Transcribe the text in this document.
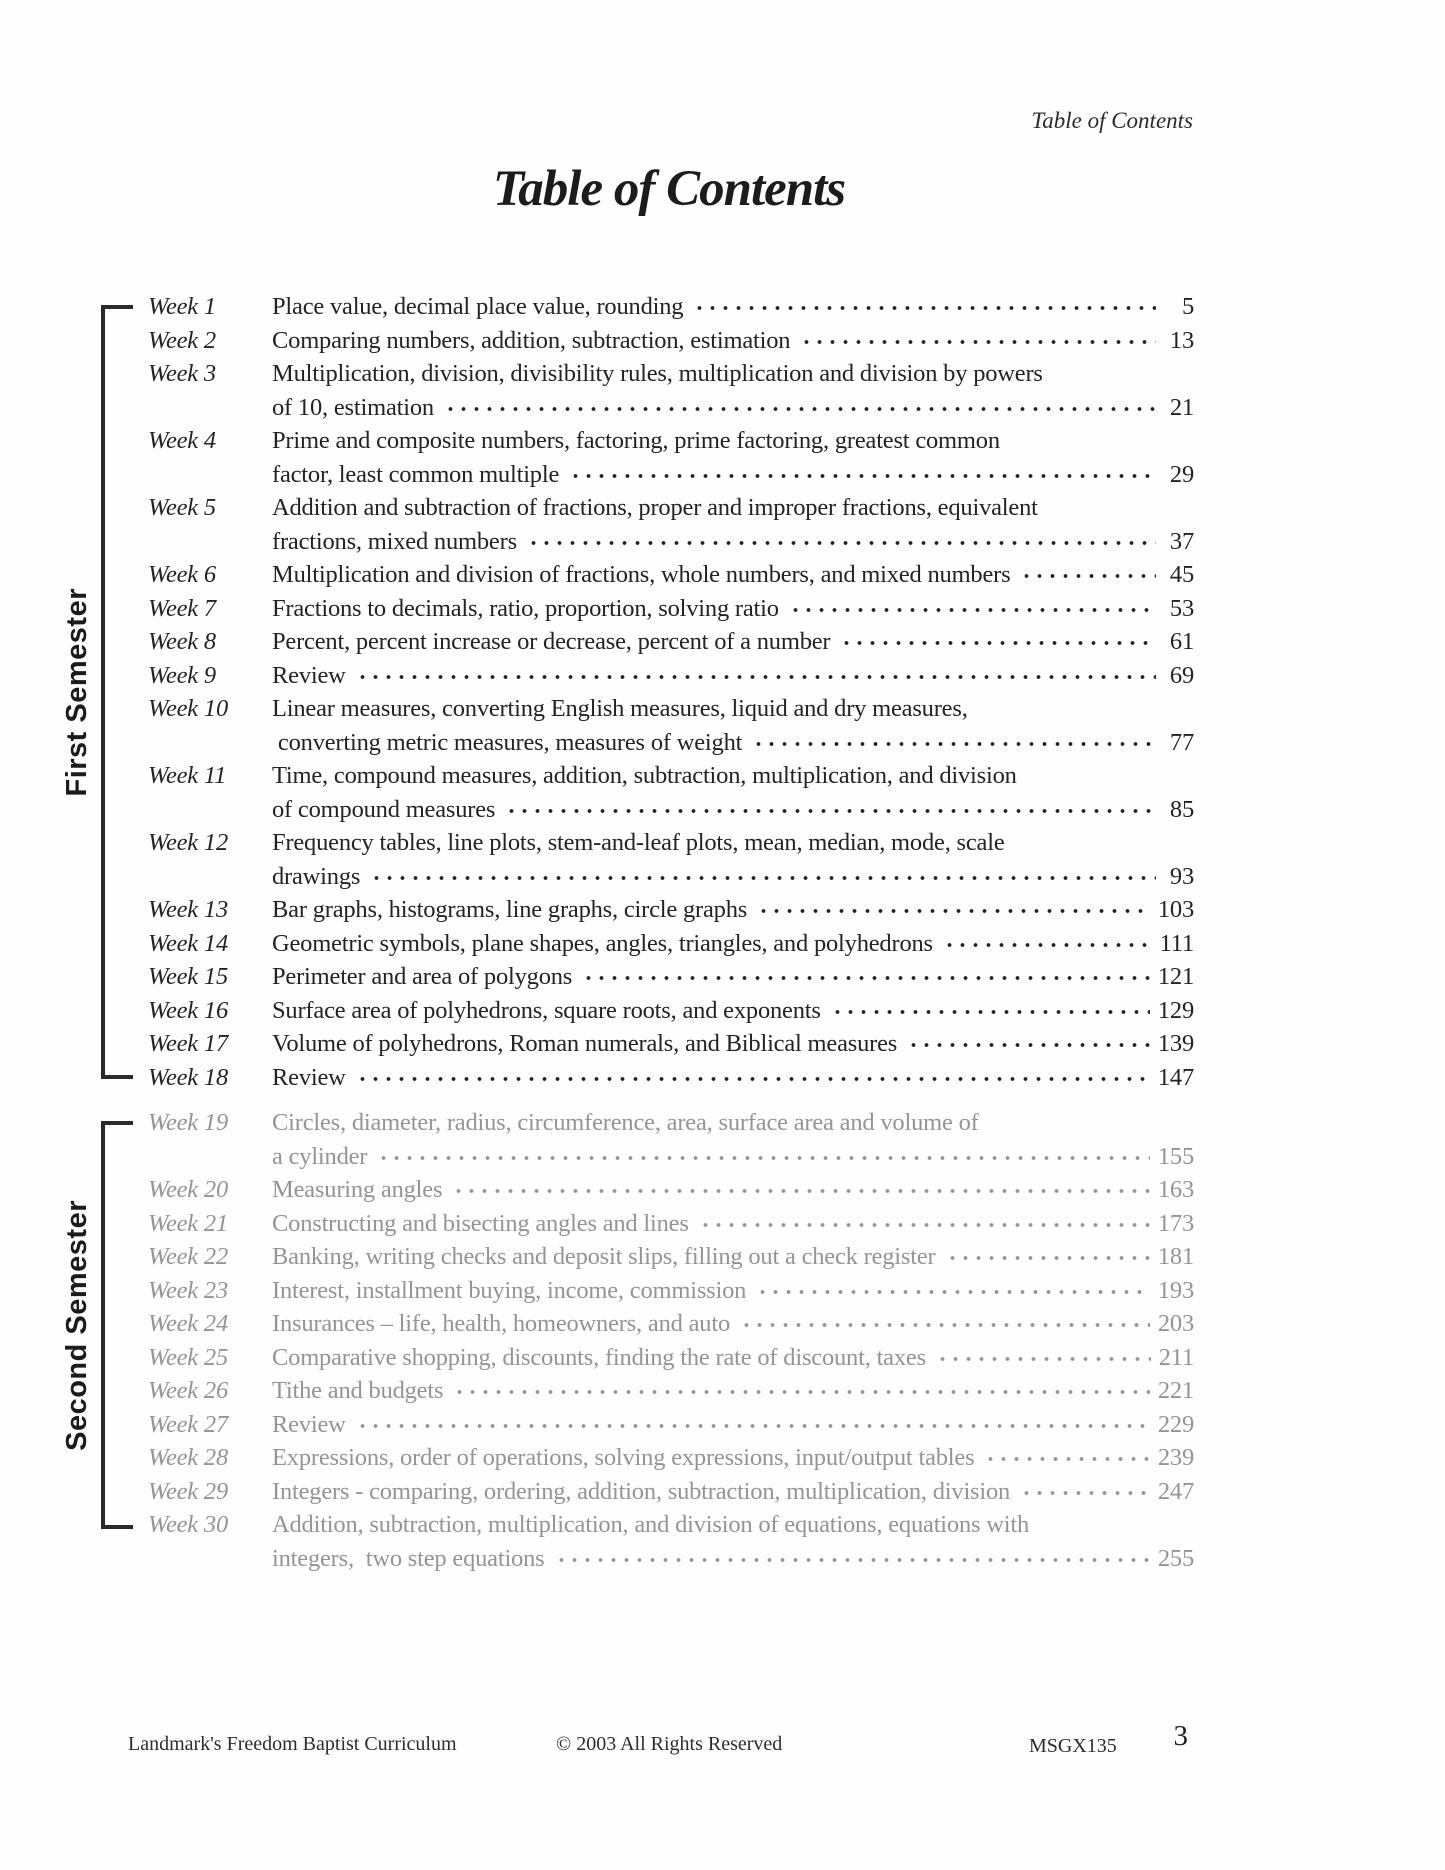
Table of Contents
Table of Contents
First Semester
Second Semester
Week 1	Place value, decimal place value, rounding	5
Week 2	Comparing numbers, addition, subtraction, estimation	13
Week 3	Multiplication, division, divisibility rules, multiplication and division by powers
of 10, estimation	21
Week 4	Prime and composite numbers, factoring, prime factoring, greatest common
factor, least common multiple	29
Week 5	Addition and subtraction of fractions, proper and improper fractions, equivalent
fractions, mixed numbers	37
Week 6	Multiplication and division of fractions, whole numbers, and mixed numbers	45
Week 7	Fractions to decimals, ratio, proportion, solving ratio	53
Week 8	Percent, percent increase or decrease, percent of a number	61
Week 9	Review	69
Week 10	Linear measures, converting English measures, liquid and dry measures,
converting metric measures, measures of weight	77
Week 11	Time, compound measures, addition, subtraction, multiplication, and division
of compound measures	85
Week 12	Frequency tables, line plots, stem-and-leaf plots, mean, median, mode, scale
drawings	93
Week 13	Bar graphs, histograms, line graphs, circle graphs	103
Week 14	Geometric symbols, plane shapes, angles, triangles, and polyhedrons	111
Week 15	Perimeter and area of polygons	121
Week 16	Surface area of polyhedrons, square roots, and exponents	129
Week 17	Volume of polyhedrons, Roman numerals, and Biblical measures	139
Week 18	Review	147
Week 19	Circles, diameter, radius, circumference, area, surface area and volume of
a cylinder	155
Week 20	Measuring angles	163
Week 21	Constructing and bisecting angles and lines	173
Week 22	Banking, writing checks and deposit slips, filling out a check register	181
Week 23	Interest, installment buying, income, commission	193
Week 24	Insurances – life, health, homeowners, and auto	203
Week 25	Comparative shopping, discounts, finding the rate of discount, taxes	211
Week 26	Tithe and budgets	221
Week 27	Review	229
Week 28	Expressions, order of operations, solving expressions, input/output tables	239
Week 29	Integers - comparing, ordering, addition, subtraction, multiplication, division	247
Week 30	Addition, subtraction, multiplication, and division of equations, equations with
integers,  two step equations	255
Landmark's Freedom Baptist Curriculum	© 2003 All Rights Reserved	MSGX135 3
